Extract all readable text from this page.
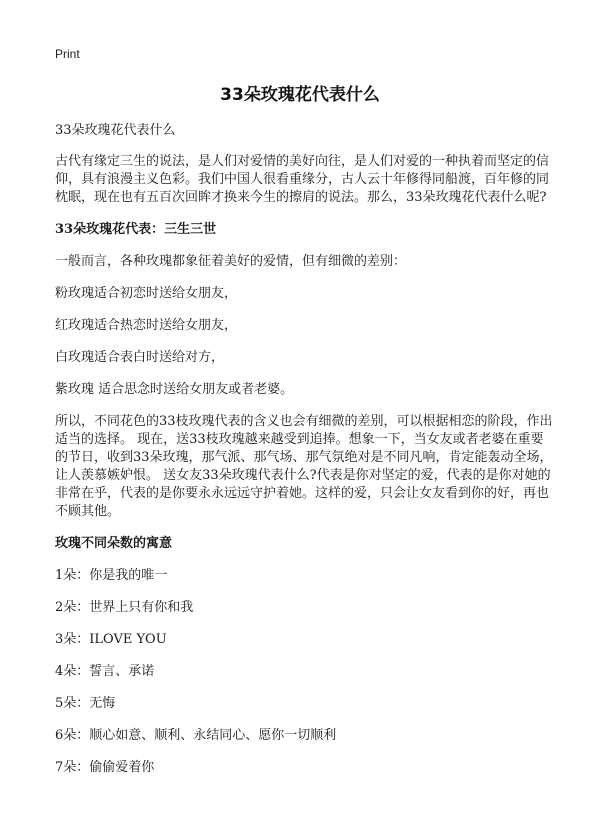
Print
33朵玫瑰花代表什么
33朵玫瑰花代表什么
古代有缘定三生的说法，是人们对爱情的美好向往，是人们对爱的一种执着而坚定的信仰，具有浪漫主义色彩。我们中国人很看重缘分，古人云十年修得同船渡，百年修的同枕眠，现在也有五百次回眸才换来今生的擦肩的说法。那么，33朵玫瑰花代表什么呢?
33朵玫瑰花代表：三生三世
一般而言，各种玫瑰都象征着美好的爱情，但有细微的差别：
粉玫瑰适合初恋时送给女朋友，
红玫瑰适合热恋时送给女朋友，
白玫瑰适合表白时送给对方，
紫玫瑰 适合思念时送给女朋友或者老婆。
所以，不同花色的33枝玫瑰代表的含义也会有细微的差别，可以根据相恋的阶段，作出适当的选择。 现在，送33枝玫瑰越来越受到追捧。想象一下，当女友或者老婆在重要的节日，收到33朵玫瑰，那气派、那气场、那气氛绝对是不同凡响，肯定能轰动全场，让人羡慕嫉妒恨。 送女友33朵玫瑰代表什么?代表是你对坚定的爱，代表的是你对她的非常在乎，代表的是你要永永远远守护着她。这样的爱，只会让女友看到你的好，再也不顾其他。
玫瑰不同朵数的寓意
1朵：你是我的唯一
2朵：世界上只有你和我
3朵：ILOVE YOU
4朵：誓言、承诺
5朵：无悔
6朵：顺心如意、顺利、永结同心、愿你一切顺利
7朵：偷偷爱着你
